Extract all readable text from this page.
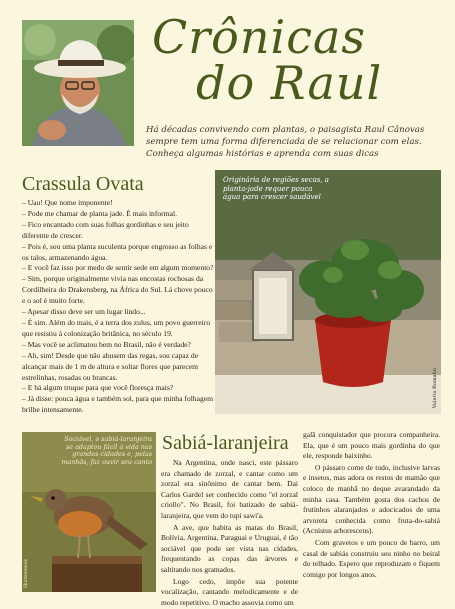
Crônicas
do Raul
Há décadas convivendo com plantas, o paisagista Raul Cânovas sempre tem uma forma diferenciada de se relacionar com elas. Conheça algumas histórias e aprenda com suas dicas
Crassula Ovata

– Uau! Que nome imponente!

– Pode me chamar de planta jade. É mais informal.

– Fico encantado com suas folhas gordinhas e seu jeito diferente de crescer.

– Pois é, sou uma planta suculenta porque engrosso as folhas e os talos, armazenando água.

– E você faz isso por medo de sentir sede em algum momento?

– Sim, porque originalmente vivia nas encostas rochosas da Cordilheira do Drakensberg, na África do Sul. Lá chove pouco e o sol é muito forte.

– Apesar disso deve ser um lugar lindo...

– É sim. Além do mais, é a terra dos zulus, um povo guerreiro que resistiu à colonização britânica, no século 19.

– Mas você se aclimatou bem no Brasil, não é verdade?

– Ah, sim! Desde que não abusem das regas, sou capaz de alcançar mais de 1 m de altura e soltar flores que parecem estrelinhas, rosadas ou brancas.

– E há algum truque para que você floresça mais?

– Já disse: pouca água e também sol, para que minha folhagem brilhe intensamente.

Originária de regiões secas, a planta-jade requer pouca água para crescer saudável
Valerio Romahn
Sociável, o sabiá-laranjeira se adaptou fácil à vida nas grandes cidades e, pelas manhãs, faz ouvir seu canto
Shutterstock
Sabiá-laranjeira

Na Argentina, onde nasci, este pássaro era chamado de zorzal, e cantar como um zorzal era sinônimo de cantar bem. Dai Carlos Gardel ser conhecido como "el zorzal criollo". No Brasil, foi batizado de sabiá-laranjeira, que vem do tupi sawi'a.

A ave, que habita as matas do Brasil, Bolívia, Argentina, Paraguai e Uruguai, é tão sociável que pode ser vista nas cidades, frequentando as copas das árvores e saltitando nos gramados.

Logo cedo, impõe sua potente vocalização, cantando melodicamente e de modo repetitivo. O macho assovia como um

galã conquistador que procura companheira. Ela, que é um pouco mais gordinha do que ele, responde baixinho.

O pássaro come de tudo, inclusive larvas e insetos, mas adora os restos de mamão que coloco de manhã no deque avarandado da minha casa. Também gosta dos cachos de frutinhos alaranjados e adocicados de uma arvoreta conhecida como fruta-do-sabiá (Acnistus arborescens).

Com gravetos e um pouco de barro, um casal de sabiás construiu seu ninho no beiral do telhado. Espero que reproduzam e fiquem comigo por longos anos.
